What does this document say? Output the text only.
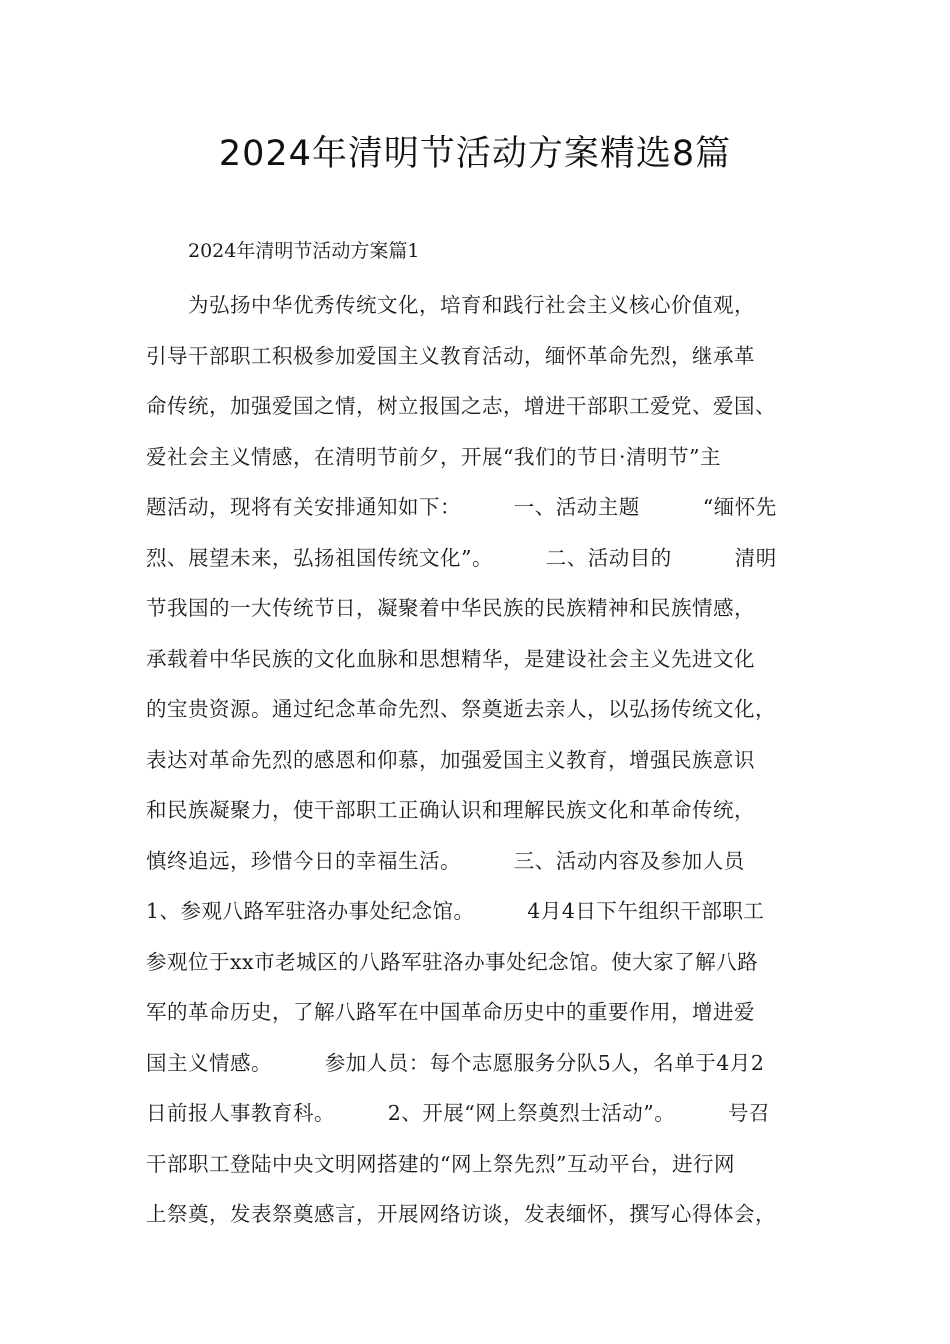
2024年清明节活动方案精选8篇
2024年清明节活动方案篇1
为弘扬中华优秀传统文化，培育和践行社会主义核心价值观，
引导干部职工积极参加爱国主义教育活动，缅怀革命先烈，继承革
命传统，加强爱国之情，树立报国之志，增进干部职工爱党、爱国、
爱社会主义情感，在清明节前夕，开展“我们的节日·清明节”主
题活动，现将有关安排通知如下：　　　一、活动主题　　　“缅怀先
烈、展望未来，弘扬祖国传统文化”。　　　二、活动目的　　　清明
节我国的一大传统节日，凝聚着中华民族的民族精神和民族情感，
承载着中华民族的文化血脉和思想精华，是建设社会主义先进文化
的宝贵资源。通过纪念革命先烈、祭奠逝去亲人，以弘扬传统文化，
表达对革命先烈的感恩和仰慕，加强爱国主义教育，增强民族意识
和民族凝聚力，使干部职工正确认识和理解民族文化和革命传统，
慎终追远，珍惜今日的幸福生活。　　　三、活动内容及参加人员
1、参观八路军驻洛办事处纪念馆。　　　4月4日下午组织干部职工
参观位于xx市老城区的八路军驻洛办事处纪念馆。使大家了解八路
军的革命历史，了解八路军在中国革命历史中的重要作用，增进爱
国主义情感。　　　参加人员：每个志愿服务分队5人，名单于4月2
日前报人事教育科。　　　2、开展“网上祭奠烈士活动”。　　　号召
干部职工登陆中央文明网搭建的“网上祭先烈”互动平台，进行网
上祭奠，发表祭奠感言，开展网络访谈，发表缅怀，撰写心得体会，
